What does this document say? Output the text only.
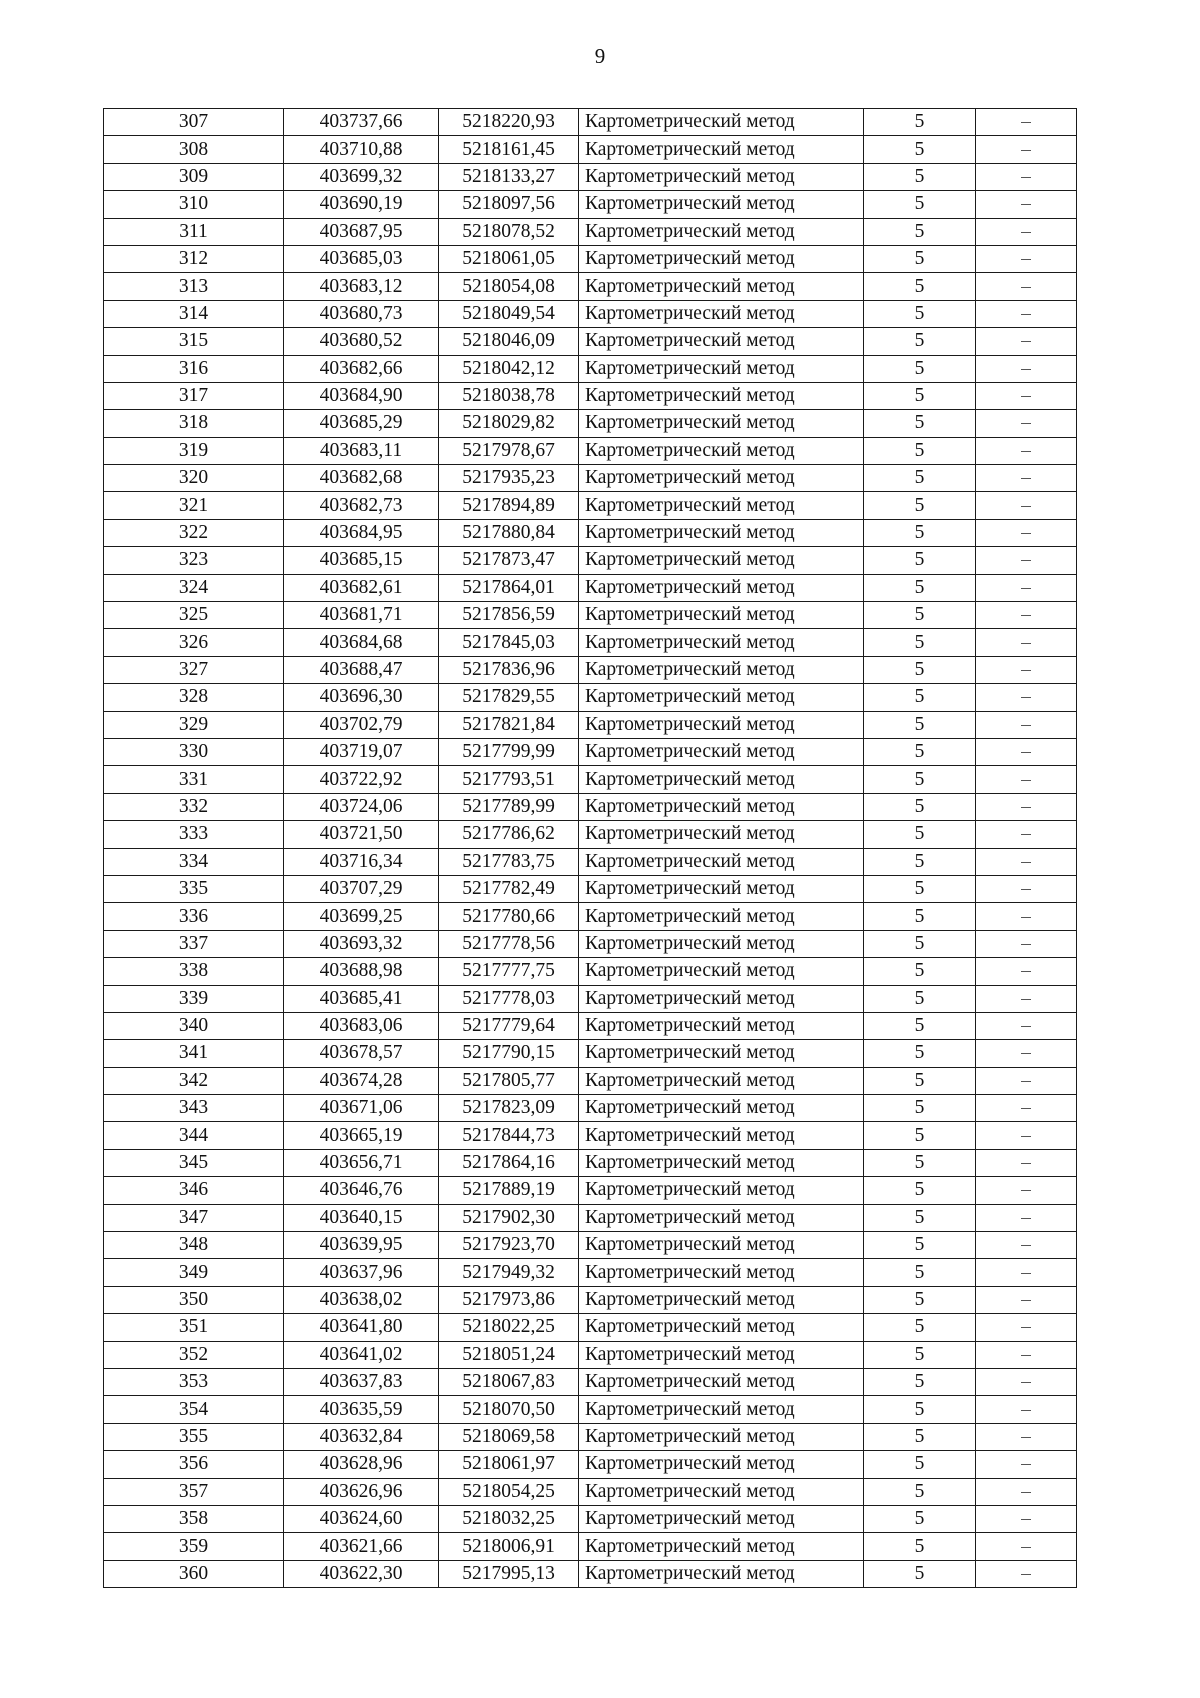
9
307	403737,66	5218220,93	Картометрический метод	5	–
308	403710,88	5218161,45	Картометрический метод	5	–
309	403699,32	5218133,27	Картометрический метод	5	–
310	403690,19	5218097,56	Картометрический метод	5	–
311	403687,95	5218078,52	Картометрический метод	5	–
312	403685,03	5218061,05	Картометрический метод	5	–
313	403683,12	5218054,08	Картометрический метод	5	–
314	403680,73	5218049,54	Картометрический метод	5	–
315	403680,52	5218046,09	Картометрический метод	5	–
316	403682,66	5218042,12	Картометрический метод	5	–
317	403684,90	5218038,78	Картометрический метод	5	–
318	403685,29	5218029,82	Картометрический метод	5	–
319	403683,11	5217978,67	Картометрический метод	5	–
320	403682,68	5217935,23	Картометрический метод	5	–
321	403682,73	5217894,89	Картометрический метод	5	–
322	403684,95	5217880,84	Картометрический метод	5	–
323	403685,15	5217873,47	Картометрический метод	5	–
324	403682,61	5217864,01	Картометрический метод	5	–
325	403681,71	5217856,59	Картометрический метод	5	–
326	403684,68	5217845,03	Картометрический метод	5	–
327	403688,47	5217836,96	Картометрический метод	5	–
328	403696,30	5217829,55	Картометрический метод	5	–
329	403702,79	5217821,84	Картометрический метод	5	–
330	403719,07	5217799,99	Картометрический метод	5	–
331	403722,92	5217793,51	Картометрический метод	5	–
332	403724,06	5217789,99	Картометрический метод	5	–
333	403721,50	5217786,62	Картометрический метод	5	–
334	403716,34	5217783,75	Картометрический метод	5	–
335	403707,29	5217782,49	Картометрический метод	5	–
336	403699,25	5217780,66	Картометрический метод	5	–
337	403693,32	5217778,56	Картометрический метод	5	–
338	403688,98	5217777,75	Картометрический метод	5	–
339	403685,41	5217778,03	Картометрический метод	5	–
340	403683,06	5217779,64	Картометрический метод	5	–
341	403678,57	5217790,15	Картометрический метод	5	–
342	403674,28	5217805,77	Картометрический метод	5	–
343	403671,06	5217823,09	Картометрический метод	5	–
344	403665,19	5217844,73	Картометрический метод	5	–
345	403656,71	5217864,16	Картометрический метод	5	–
346	403646,76	5217889,19	Картометрический метод	5	–
347	403640,15	5217902,30	Картометрический метод	5	–
348	403639,95	5217923,70	Картометрический метод	5	–
349	403637,96	5217949,32	Картометрический метод	5	–
350	403638,02	5217973,86	Картометрический метод	5	–
351	403641,80	5218022,25	Картометрический метод	5	–
352	403641,02	5218051,24	Картометрический метод	5	–
353	403637,83	5218067,83	Картометрический метод	5	–
354	403635,59	5218070,50	Картометрический метод	5	–
355	403632,84	5218069,58	Картометрический метод	5	–
356	403628,96	5218061,97	Картометрический метод	5	–
357	403626,96	5218054,25	Картометрический метод	5	–
358	403624,60	5218032,25	Картометрический метод	5	–
359	403621,66	5218006,91	Картометрический метод	5	–
360	403622,30	5217995,13	Картометрический метод	5	–
